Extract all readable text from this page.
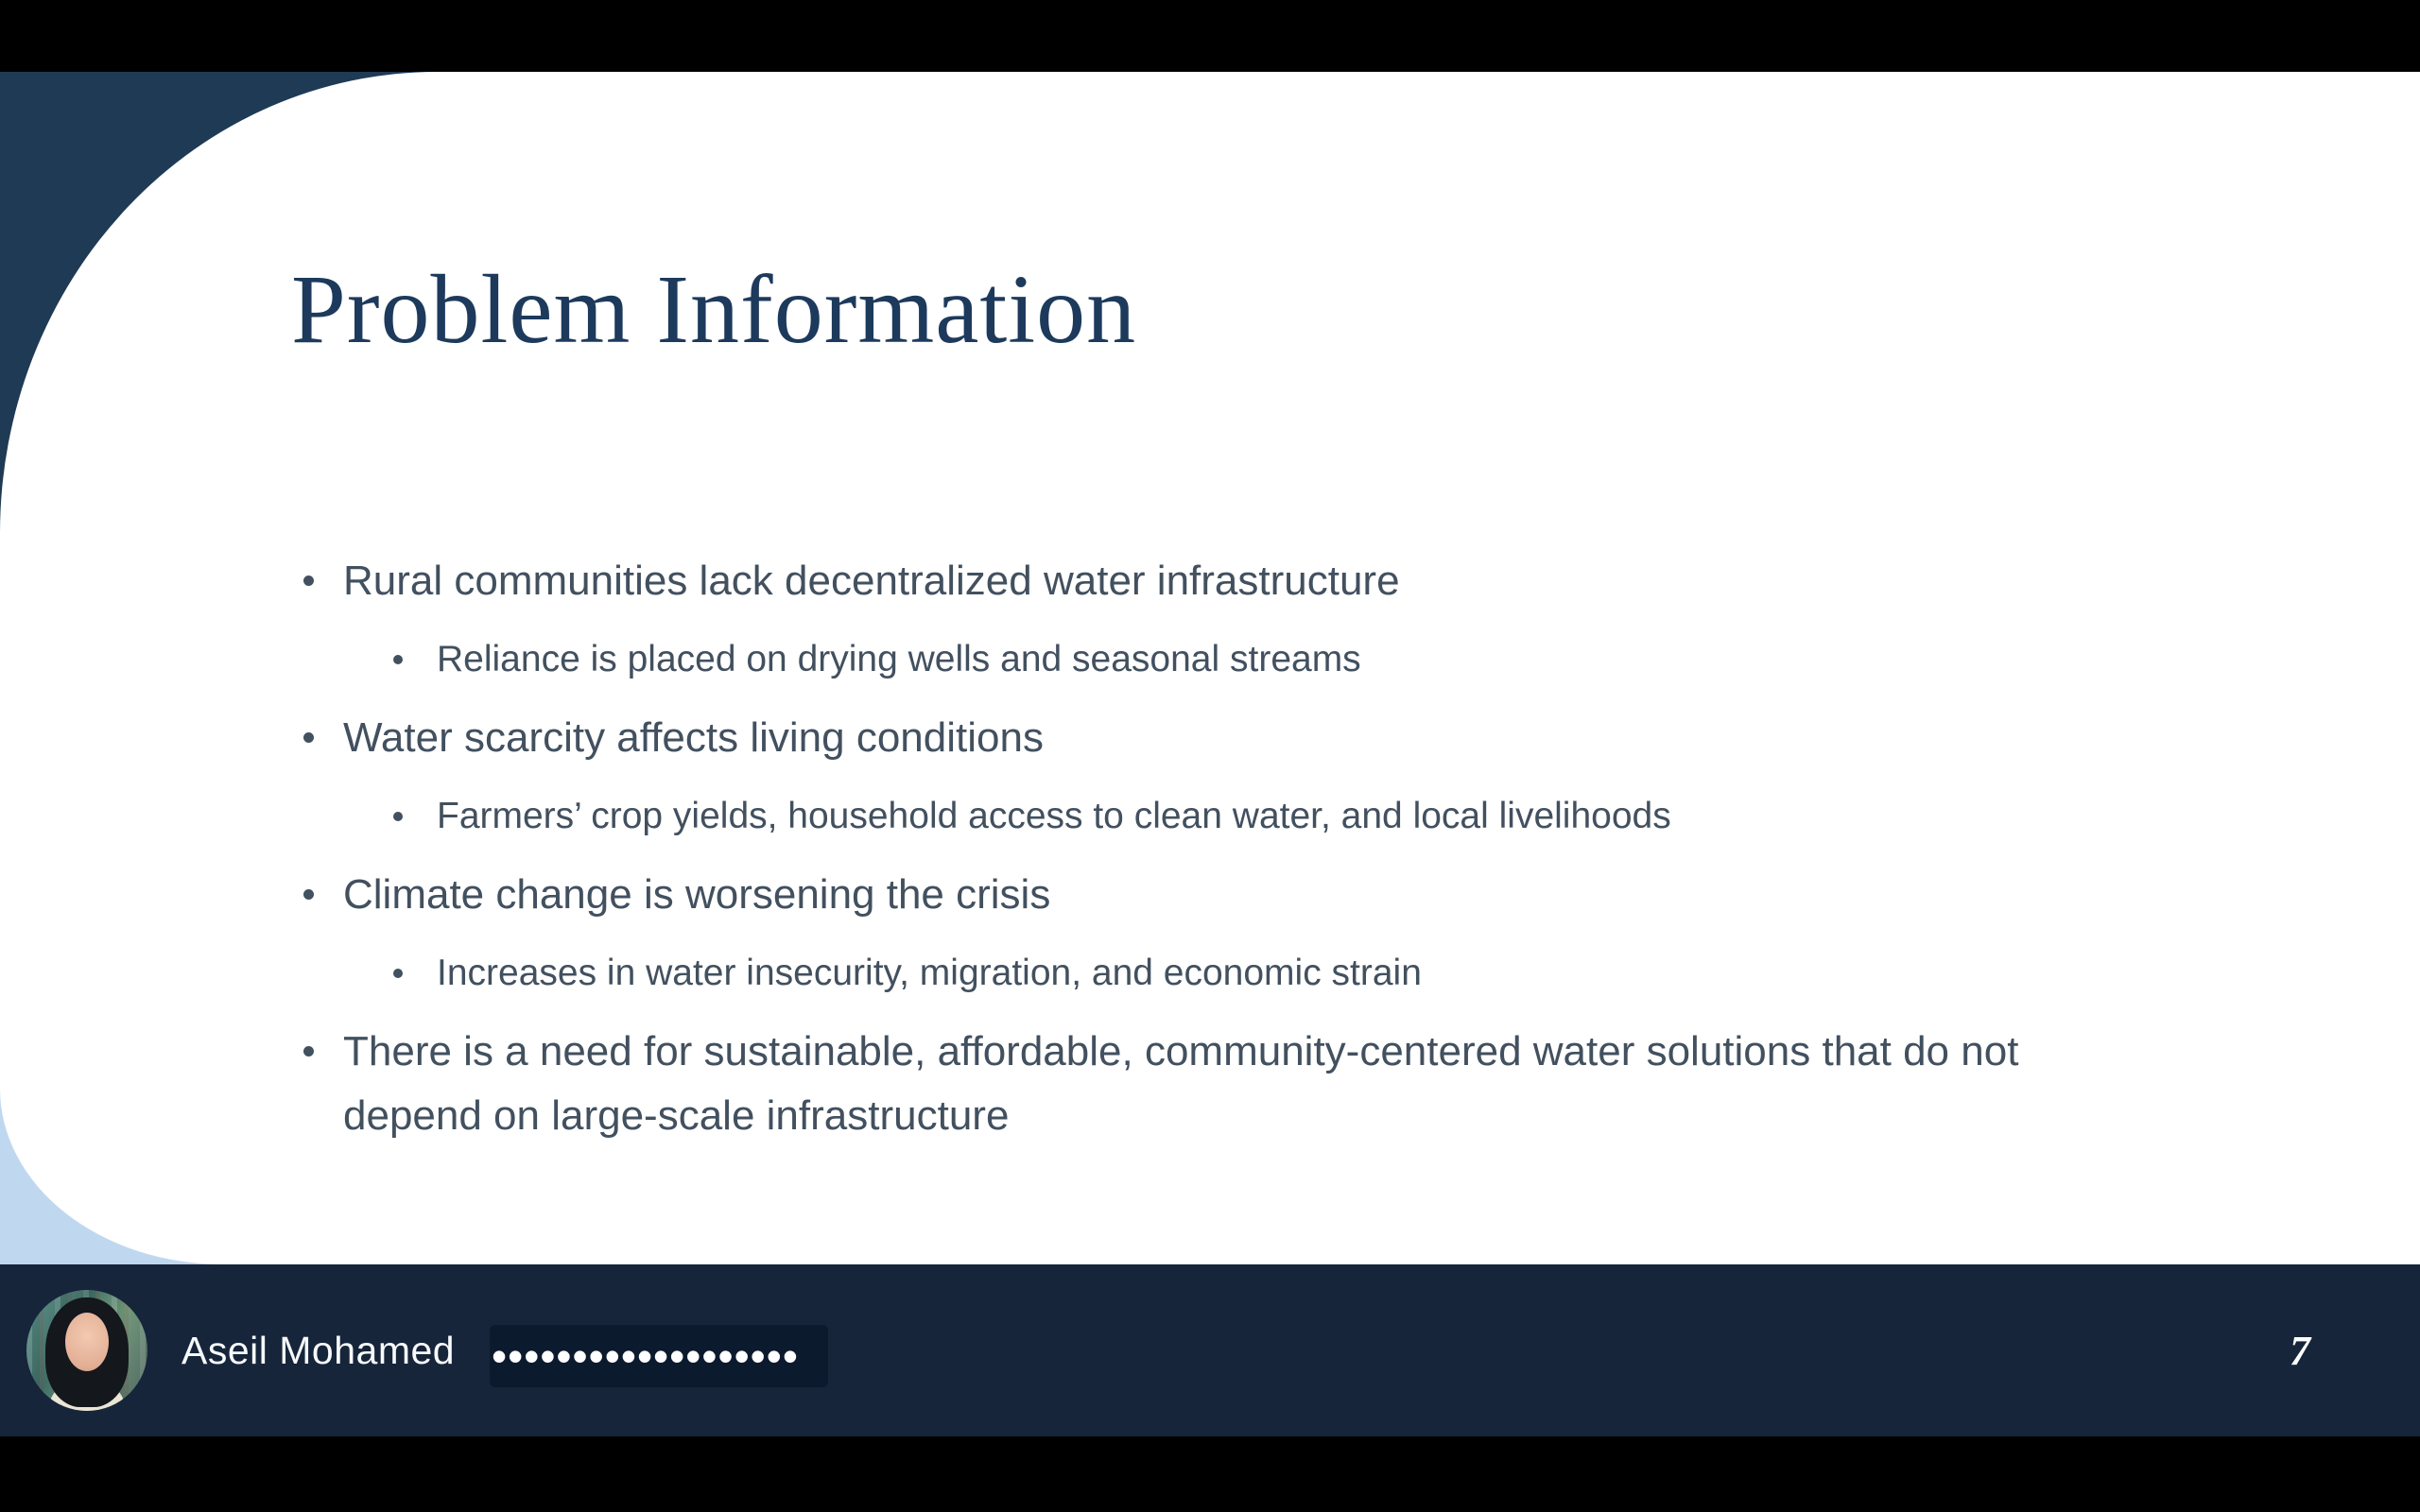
Problem Information
Rural communities lack decentralized water infrastructure
Reliance is placed on drying wells and seasonal streams
Water scarcity affects living conditions
Farmers’ crop yields, household access to clean water, and local livelihoods
Climate change is worsening the crisis
Increases in water insecurity, migration, and economic strain
There is a need for sustainable, affordable, community-centered water solutions that do not
depend on large-scale infrastructure
Aseil Mohamed •••••••••••••••••••	7
